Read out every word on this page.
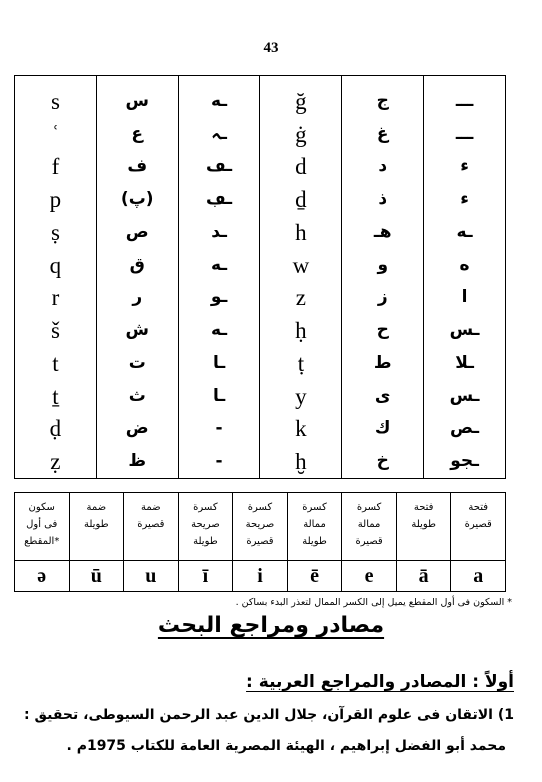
43
s
ʿ
f
p
ṣ
q
r
š
t
ṯ
ḍ
ẓ
س
ع
ف
(پ)
ص
ق
ر
ش
ت
ث
ض
ظ
ـه
ـہ
ـڡ
ـڢ
ـد
ـه
ـو
ـه
ـا
ـا
-
-
ğ
ġ
d
ḏ
h
w
z
ḥ
ṭ
y
k
ḫ
ج
غ
د
ذ
هـ
و
ز
ح
ط
ى
ك
خ
ـــ
ـــ
ء
ء
ـه
ه
ا
ـس
ـلا
ـس
ـص
ـجو
فتحة
قصيرة
فتحة
طويلة
كسرة
ممالة
قصيرة
كسرة
ممالة
طويلة
كسرة
صريحة
قصيرة
كسرة
صريحة
طويلة
ضمة
قصيرة
ضمة
طويلة
سكون
فى أول
المقطع*
a
ā
e
ē
i
ī
u
ū
ə
* السكون فى أول المقطع يميل إلى الكسر الممال لتعذر البدء بساكن .
مصادر ومراجع البحث
أولاً : المصادر والمراجع العربية :
1) الاتقان فى علوم القرآن، جلال الدين عبد الرحمن السيوطى، تحقيق :
محمد أبو الفضل إبراهيم ، الهيئة المصرية العامة للكتاب 1975م .
